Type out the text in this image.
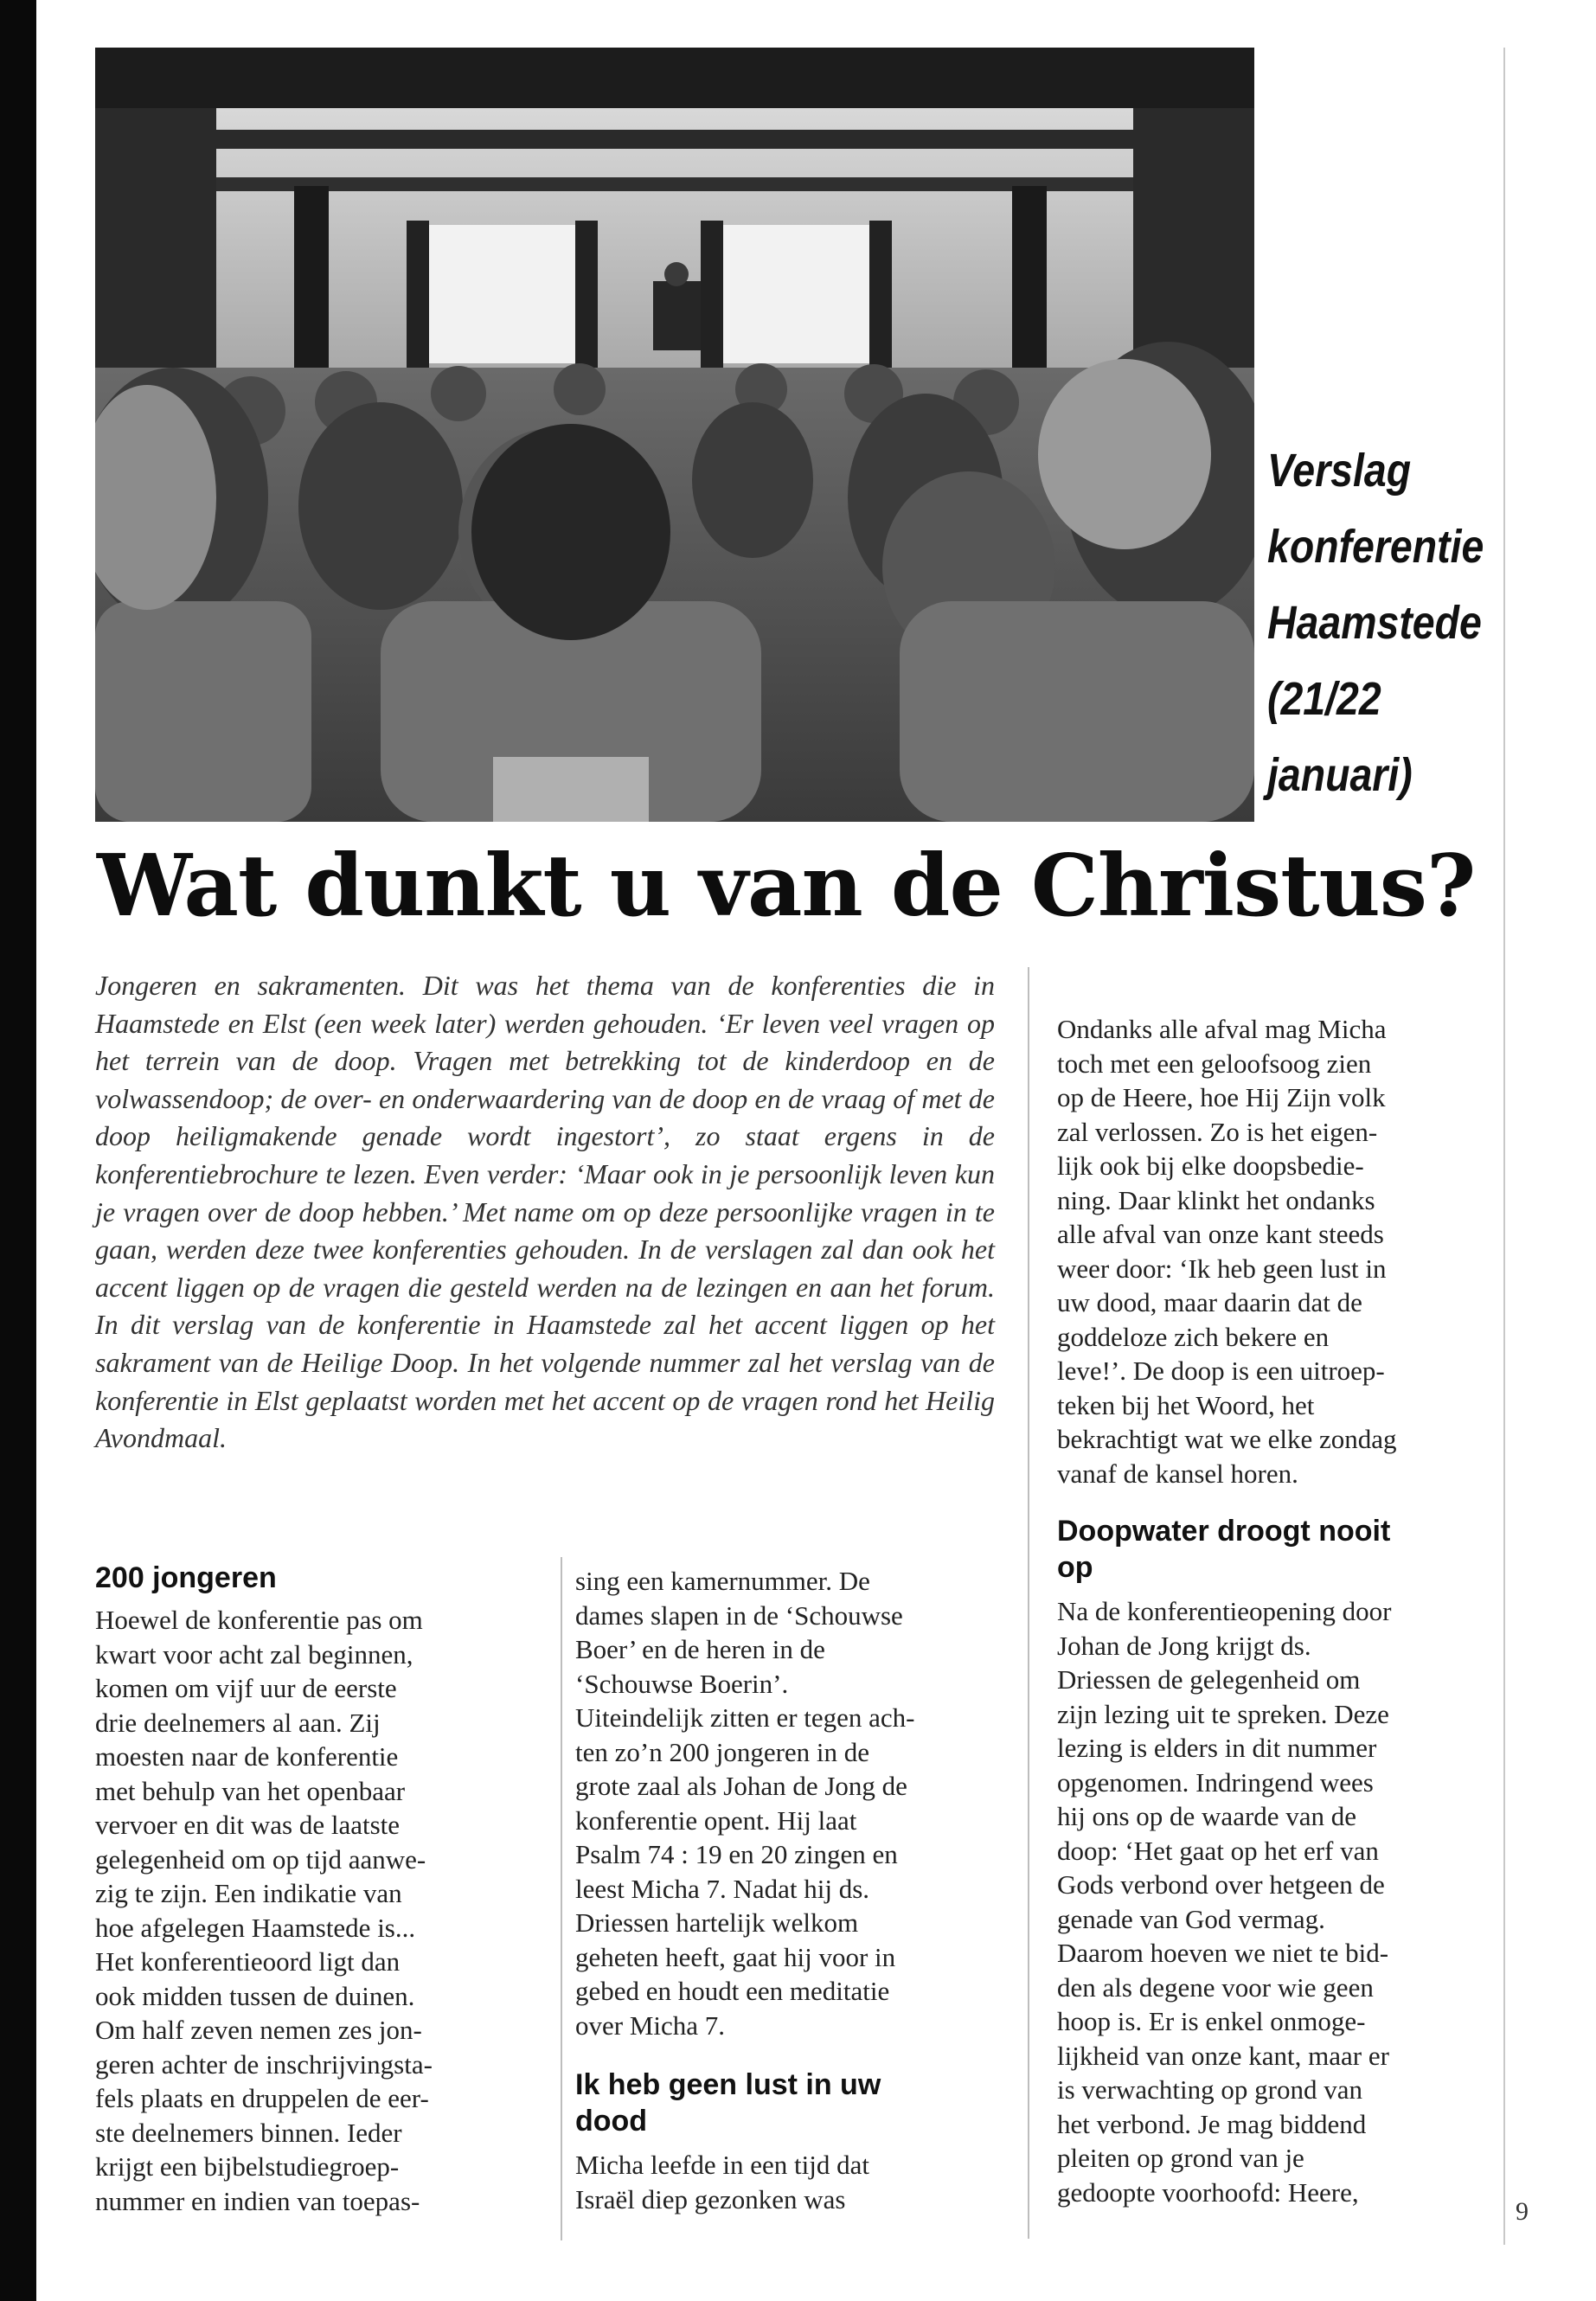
Verslag
konferentie
Haamstede
(21/22
januari)
Wat dunkt u van de Christus?
Jongeren en sakramenten. Dit was het thema van de konferenties die in Haamstede en Elst (een week later) werden gehouden. ‘Er leven veel vragen op het terrein van de doop. Vragen met betrekking tot de kinderdoop en de volwassendoop; de over- en onderwaardering van de doop en de vraag of met de doop heiligmakende genade wordt ingestort’, zo staat ergens in de konferentiebrochure te lezen. Even verder: ‘Maar ook in je persoonlijk leven kun je vragen over de doop hebben.’ Met name om op deze persoonlijke vragen in te gaan, werden deze twee konferenties gehouden. In de verslagen zal dan ook het accent liggen op de vragen die gesteld werden na de lezingen en aan het forum. In dit verslag van de konferentie in Haamstede zal het accent liggen op het sakrament van de Heilige Doop. In het volgende nummer zal het verslag van de konferentie in Elst geplaatst worden met het accent op de vragen rond het Heilig Avondmaal.
200 jongeren

Hoewel de konferentie pas om
kwart voor acht zal beginnen,
komen om vijf uur de eerste
drie deelnemers al aan. Zij
moesten naar de konferentie
met behulp van het openbaar
vervoer en dit was de laatste
gelegenheid om op tijd aanwe-
zig te zijn. Een indikatie van
hoe afgelegen Haamstede is...
Het konferentieoord ligt dan
ook midden tussen de duinen.
Om half zeven nemen zes jon-
geren achter de inschrijvingsta-
fels plaats en druppelen de eer-
ste deelnemers binnen. Ieder
krijgt een bijbelstudiegroep-
nummer en indien van toepas-

sing een kamernummer. De
dames slapen in de ‘Schouwse
Boer’ en de heren in de
‘Schouwse Boerin’.
Uiteindelijk zitten er tegen ach-
ten zo’n 200 jongeren in de
grote zaal als Johan de Jong de
konferentie opent. Hij laat
Psalm 74 : 19 en 20 zingen en
leest Micha 7. Nadat hij ds.
Driessen hartelijk welkom
geheten heeft, gaat hij voor in
gebed en houdt een meditatie
over Micha 7.

Ik heb geen lust in uw
dood

Micha leefde in een tijd dat
Israël diep gezonken was

Ondanks alle afval mag Micha
toch met een geloofsoog zien
op de Heere, hoe Hij Zijn volk
zal verlossen. Zo is het eigen-
lijk ook bij elke doopsbedie-
ning. Daar klinkt het ondanks
alle afval van onze kant steeds
weer door: ‘Ik heb geen lust in
uw dood, maar daarin dat de
goddeloze zich bekere en
leve!’. De doop is een uitroep-
teken bij het Woord, het
bekrachtigt wat we elke zondag
vanaf de kansel horen.

Doopwater droogt nooit
op

Na de konferentieopening door
Johan de Jong krijgt ds.
Driessen de gelegenheid om
zijn lezing uit te spreken. Deze
lezing is elders in dit nummer
opgenomen. Indringend wees
hij ons op de waarde van de
doop: ‘Het gaat op het erf van
Gods verbond over hetgeen de
genade van God vermag.
Daarom hoeven we niet te bid-
den als degene voor wie geen
hoop is. Er is enkel onmoge-
lijkheid van onze kant, maar er
is verwachting op grond van
het verbond. Je mag biddend
pleiten op grond van je
gedoopte voorhoofd: Heere,

9
